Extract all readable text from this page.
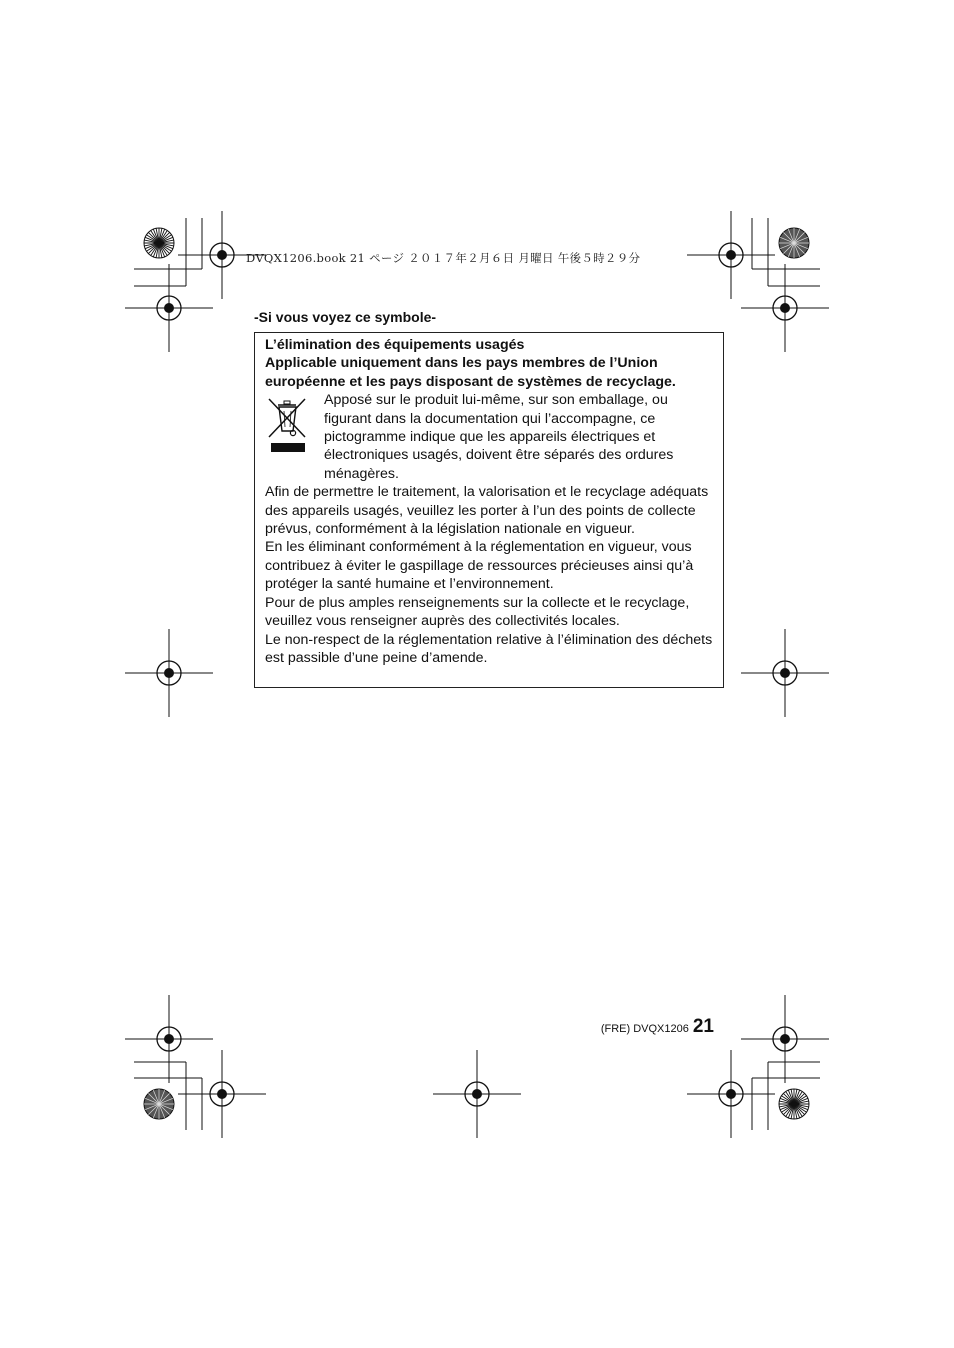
DVQX1206.book 21 ページ ２０１７年２月６日 月曜日 午後５時２９分
-Si vous voyez ce symbole-

L’élimination des équipements usagés

Applicable uniquement dans les pays membres de l’Union européenne et les pays disposant de systèmes de recyclage.

Apposé sur le produit lui-même, sur son emballage, ou figurant dans la documentation qui l’accompagne, ce pictogramme indique que les appareils électriques et électroniques usagés, doivent être séparés des ordures ménagères.

Afin de permettre le traitement, la valorisation et le recyclage adéquats des appareils usagés, veuillez les porter à l’un des points de collecte prévus, conformément à la législation nationale en vigueur.

En les éliminant conformément à la réglementation en vigueur, vous contribuez à éviter le gaspillage de ressources précieuses ainsi qu’à protéger la santé humaine et l’environnement.

Pour de plus amples renseignements sur la collecte et le recyclage, veuillez vous renseigner auprès des collectivités locales.

Le non-respect de la réglementation relative à l’élimination des déchets est passible d’une peine d’amende.

(FRE) DVQX1206 21
